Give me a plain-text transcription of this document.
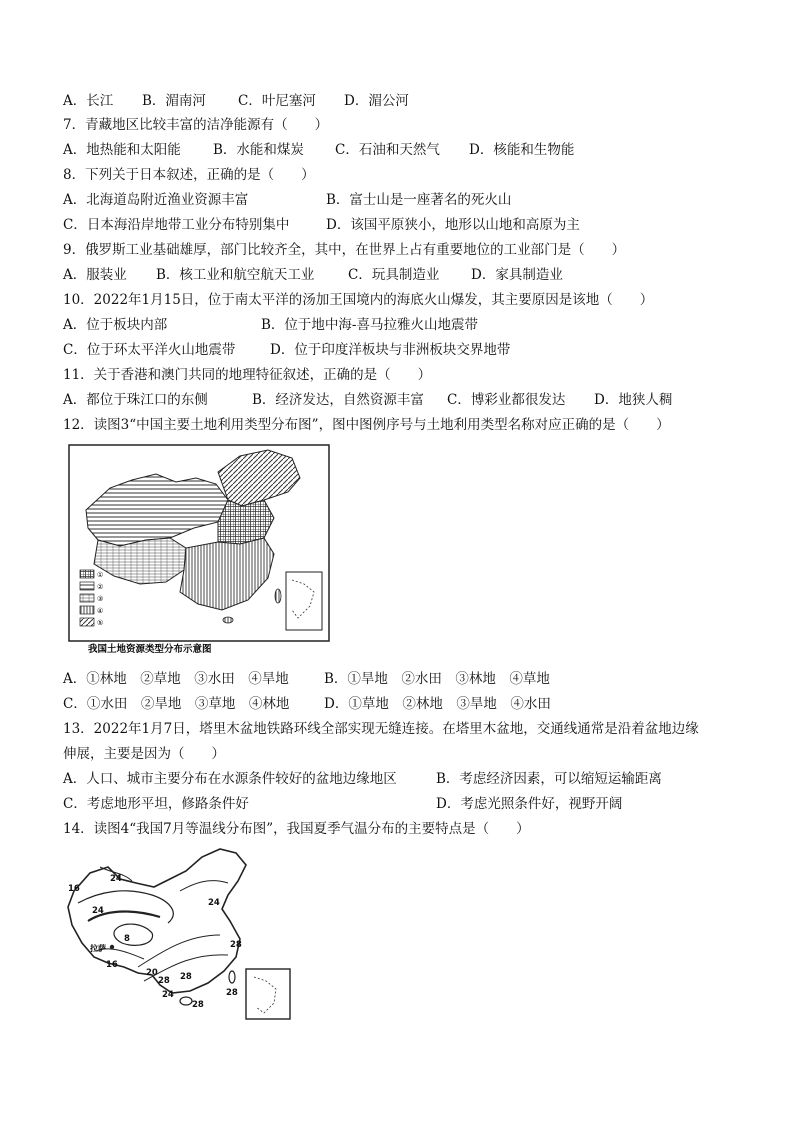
A．长江 B．湄南河 C．叶尼塞河 D．湄公河
7．青藏地区比较丰富的洁净能源有（　　）
A．地热能和太阳能 B．水能和煤炭 C．石油和天然气 D．核能和生物能
8．下列关于日本叙述，正确的是（　　）
A．北海道岛附近渔业资源丰富	B．富士山是一座著名的死火山
C．日本海沿岸地带工业分布特别集中	D．该国平原狭小，地形以山地和高原为主
9．俄罗斯工业基础雄厚，部门比较齐全，其中，在世界上占有重要地位的工业部门是（　　）
A．服装业 B．核工业和航空航天工业 C．玩具制造业 D．家具制造业
10．2022年1月15日，位于南太平洋的汤加王国境内的海底火山爆发，其主要原因是该地（　　）
A．位于板块内部	B．位于地中海-喜马拉雅火山地震带
C．位于环太平洋火山地震带	D．位于印度洋板块与非洲板块交界地带
11．关于香港和澳门共同的地理特征叙述，正确的是（　　）
A．都位于珠江口的东侧	B．经济发达，自然资源丰富 C．博彩业都很发达 D．地狭人稠
12．读图3“中国主要土地利用类型分布图”，图中图例序号与土地利用类型名称对应正确的是（　　）
①
②
③
④
⑤
我国土地资源类型分布示意图
A．①林地　②草地　③水田　④旱地	B．①旱地　②水田　③林地　④草地
C．①水田　②旱地　③草地　④林地	D．①草地　②林地　③旱地　④水田
13．2022年1月7日，塔里木盆地铁路环线全部实现无缝连接。在塔里木盆地，交通线通常是沿着盆地边缘
伸展，主要是因为（　　）
A．人口、城市主要分布在水源条件较好的盆地边缘地区	B．考虑经济因素，可以缩短运输距离
C．考虑地形平坦，修路条件好	D．考虑光照条件好，视野开阔
14．读图4“我国7月等温线分布图”，我国夏季气温分布的主要特点是（　　）
16
24
24
24
8
16
20
28
28
28
24
28
28
拉萨
